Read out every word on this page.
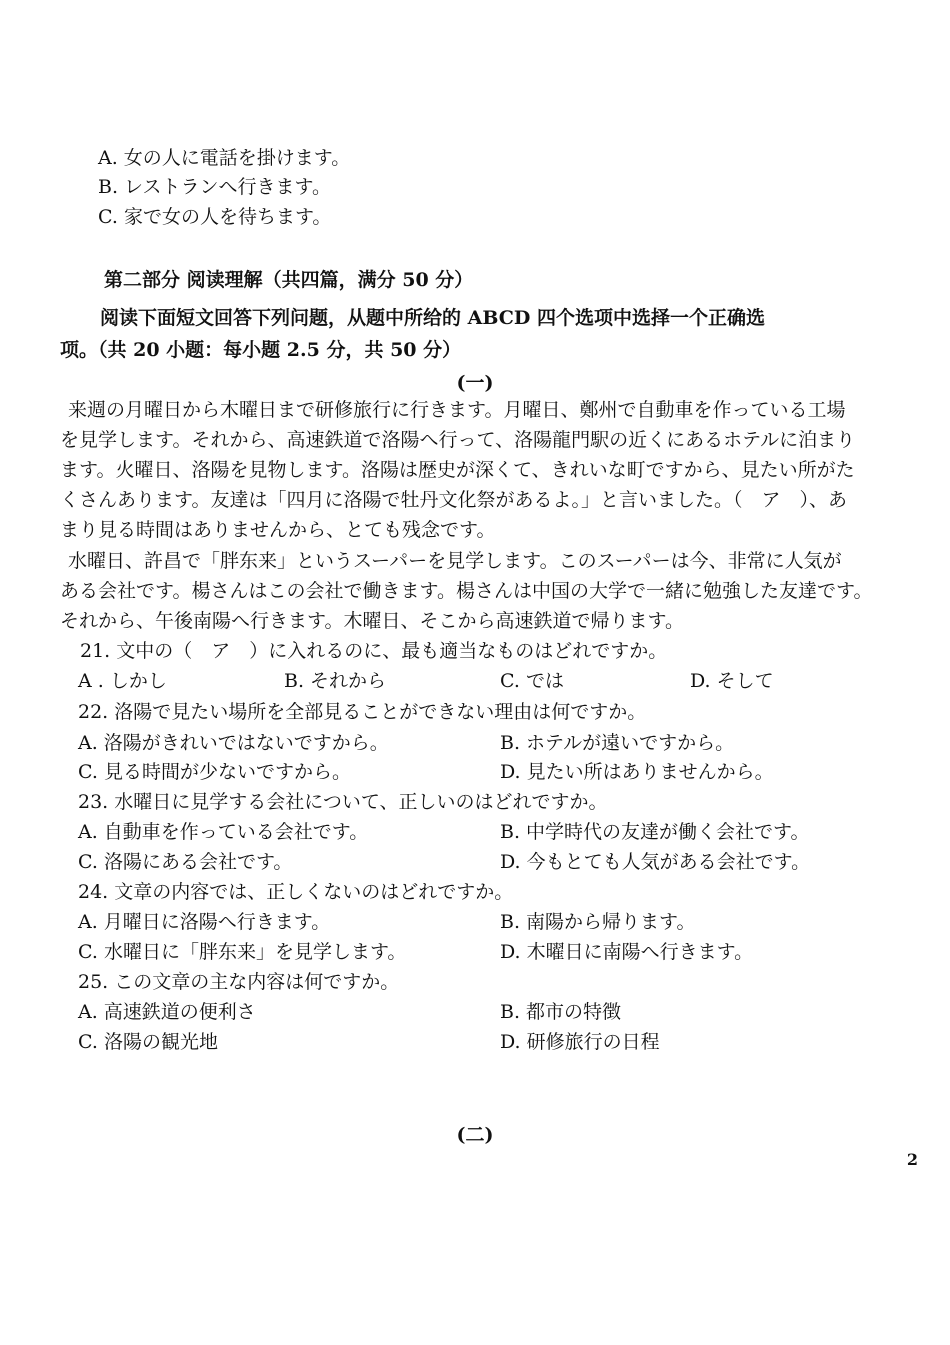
A. 女の人に電話を掛けます。
B. レストランへ行きます。
C. 家で女の人を待ちます。
第二部分 阅读理解（共四篇，满分 50 分）
阅读下面短文回答下列问题，从题中所给的 ABCD 四个选项中选择一个正确选
项。（共 20 小题：每小题 2.5 分，共 50 分）
(一)
来週の月曜日から木曜日まで研修旅行に行きます。月曜日、鄭州で自動車を作っている工場
を見学します。それから、高速鉄道で洛陽へ行って、洛陽龍門駅の近くにあるホテルに泊まり
ます。火曜日、洛陽を見物します。洛陽は歴史が深くて、きれいな町ですから、見たい所がた
くさんあります。友達は「四月に洛陽で牡丹文化祭があるよ。」と言いました。（　ア　）、あ
まり見る時間はありませんから、とても残念です。
水曜日、許昌で「胖东来」というスーパーを見学します。このスーパーは今、非常に人気が
ある会社です。楊さんはこの会社で働きます。楊さんは中国の大学で一緒に勉強した友達です。
それから、午後南陽へ行きます。木曜日、そこから高速鉄道で帰ります。
21. 文中の（　ア　）に入れるのに、最も適当なものはどれですか。
A . しかし	B. それから	C. では	D. そして
22. 洛陽で見たい場所を全部見ることができない理由は何ですか。
A. 洛陽がきれいではないですから。	B. ホテルが遠いですから。
C. 見る時間が少ないですから。	D. 見たい所はありませんから。
23. 水曜日に見学する会社について、正しいのはどれですか。
A. 自動車を作っている会社です。	B. 中学時代の友達が働く会社です。
C. 洛陽にある会社です。	D. 今もとても人気がある会社です。
24. 文章の内容では、正しくないのはどれですか。
A. 月曜日に洛陽へ行きます。	B. 南陽から帰ります。
C. 水曜日に「胖东来」を見学します。	D. 木曜日に南陽へ行きます。
25. この文章の主な内容は何ですか。
A. 高速鉄道の便利さ	B. 都市の特徴
C. 洛陽の観光地	D. 研修旅行の日程
(二)
2
